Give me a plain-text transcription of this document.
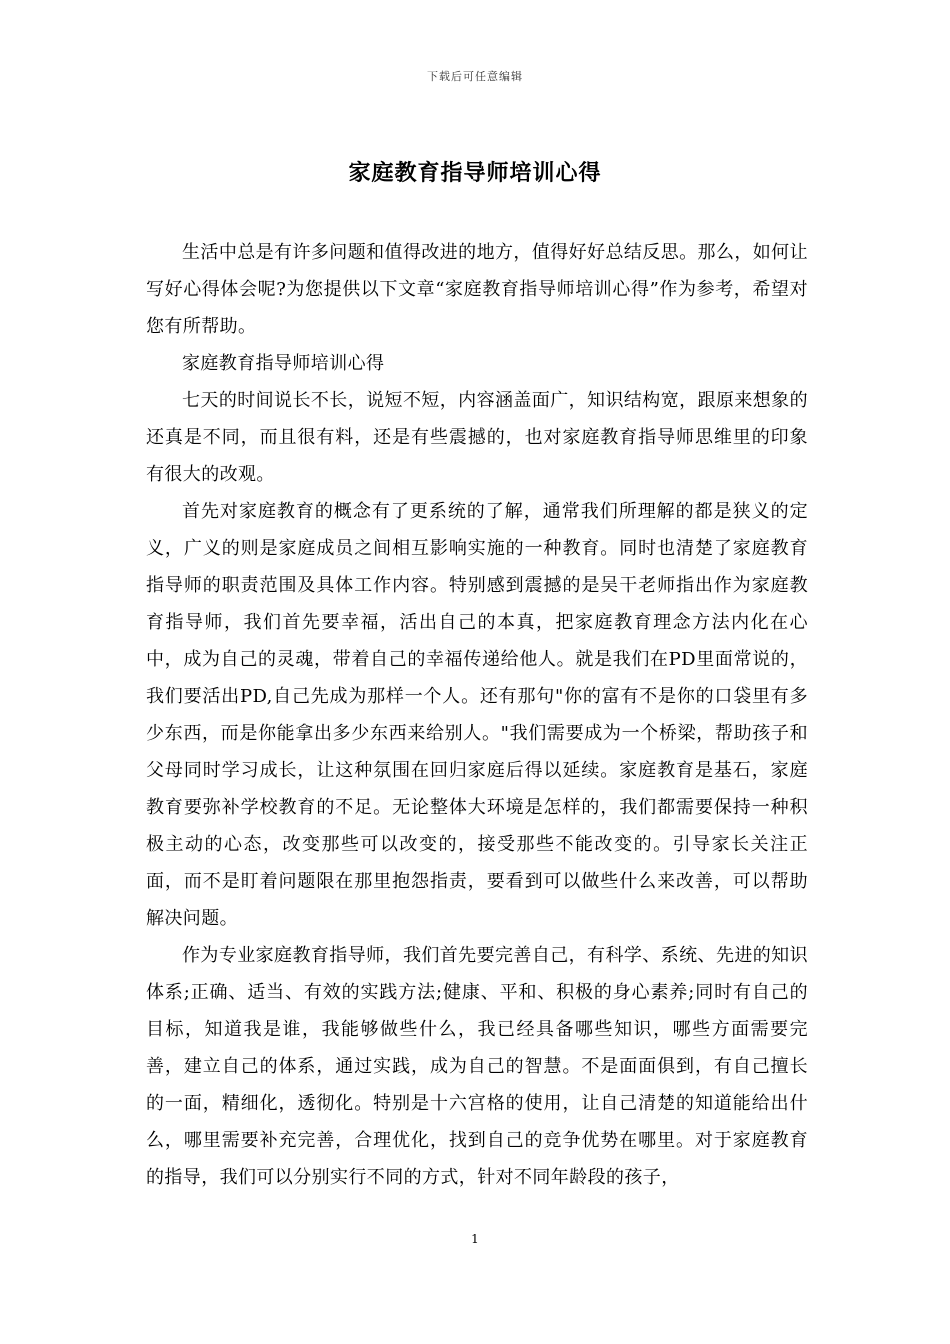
下载后可任意编辑
家庭教育指导师培训心得

生活中总是有许多问题和值得改进的地方，值得好好总结反思。那么，如何让写好心得体会呢?为您提供以下文章“家庭教育指导师培训心得”作为参考，希望对您有所帮助。

家庭教育指导师培训心得

七天的时间说长不长，说短不短，内容涵盖面广，知识结构宽，跟原来想象的还真是不同，而且很有料，还是有些震撼的，也对家庭教育指导师思维里的印象有很大的改观。

首先对家庭教育的概念有了更系统的了解，通常我们所理解的都是狭义的定义，广义的则是家庭成员之间相互影响实施的一种教育。同时也清楚了家庭教育指导师的职责范围及具体工作内容。特别感到震撼的是吴干老师指出作为家庭教育指导师，我们首先要幸福，活出自己的本真，把家庭教育理念方法内化在心中，成为自己的灵魂，带着自己的幸福传递给他人。就是我们在PD里面常说的，我们要活出PD,自己先成为那样一个人。还有那句"你的富有不是你的口袋里有多少东西，而是你能拿出多少东西来给别人。"我们需要成为一个桥梁，帮助孩子和父母同时学习成长，让这种氛围在回归家庭后得以延续。家庭教育是基石，家庭教育要弥补学校教育的不足。无论整体大环境是怎样的，我们都需要保持一种积极主动的心态，改变那些可以改变的，接受那些不能改变的。引导家长关注正面，而不是盯着问题限在那里抱怨指责，要看到可以做些什么来改善，可以帮助解决问题。

作为专业家庭教育指导师，我们首先要完善自己，有科学、系统、先进的知识体系;正确、适当、有效的实践方法;健康、平和、积极的身心素养;同时有自己的目标，知道我是谁，我能够做些什么，我已经具备哪些知识，哪些方面需要完善，建立自己的体系，通过实践，成为自己的智慧。不是面面俱到，有自己擅长的一面，精细化，透彻化。特别是十六宫格的使用，让自己清楚的知道能给出什么，哪里需要补充完善，合理优化，找到自己的竞争优势在哪里。对于家庭教育的指导，我们可以分别实行不同的方式，针对不同年龄段的孩子，

1
